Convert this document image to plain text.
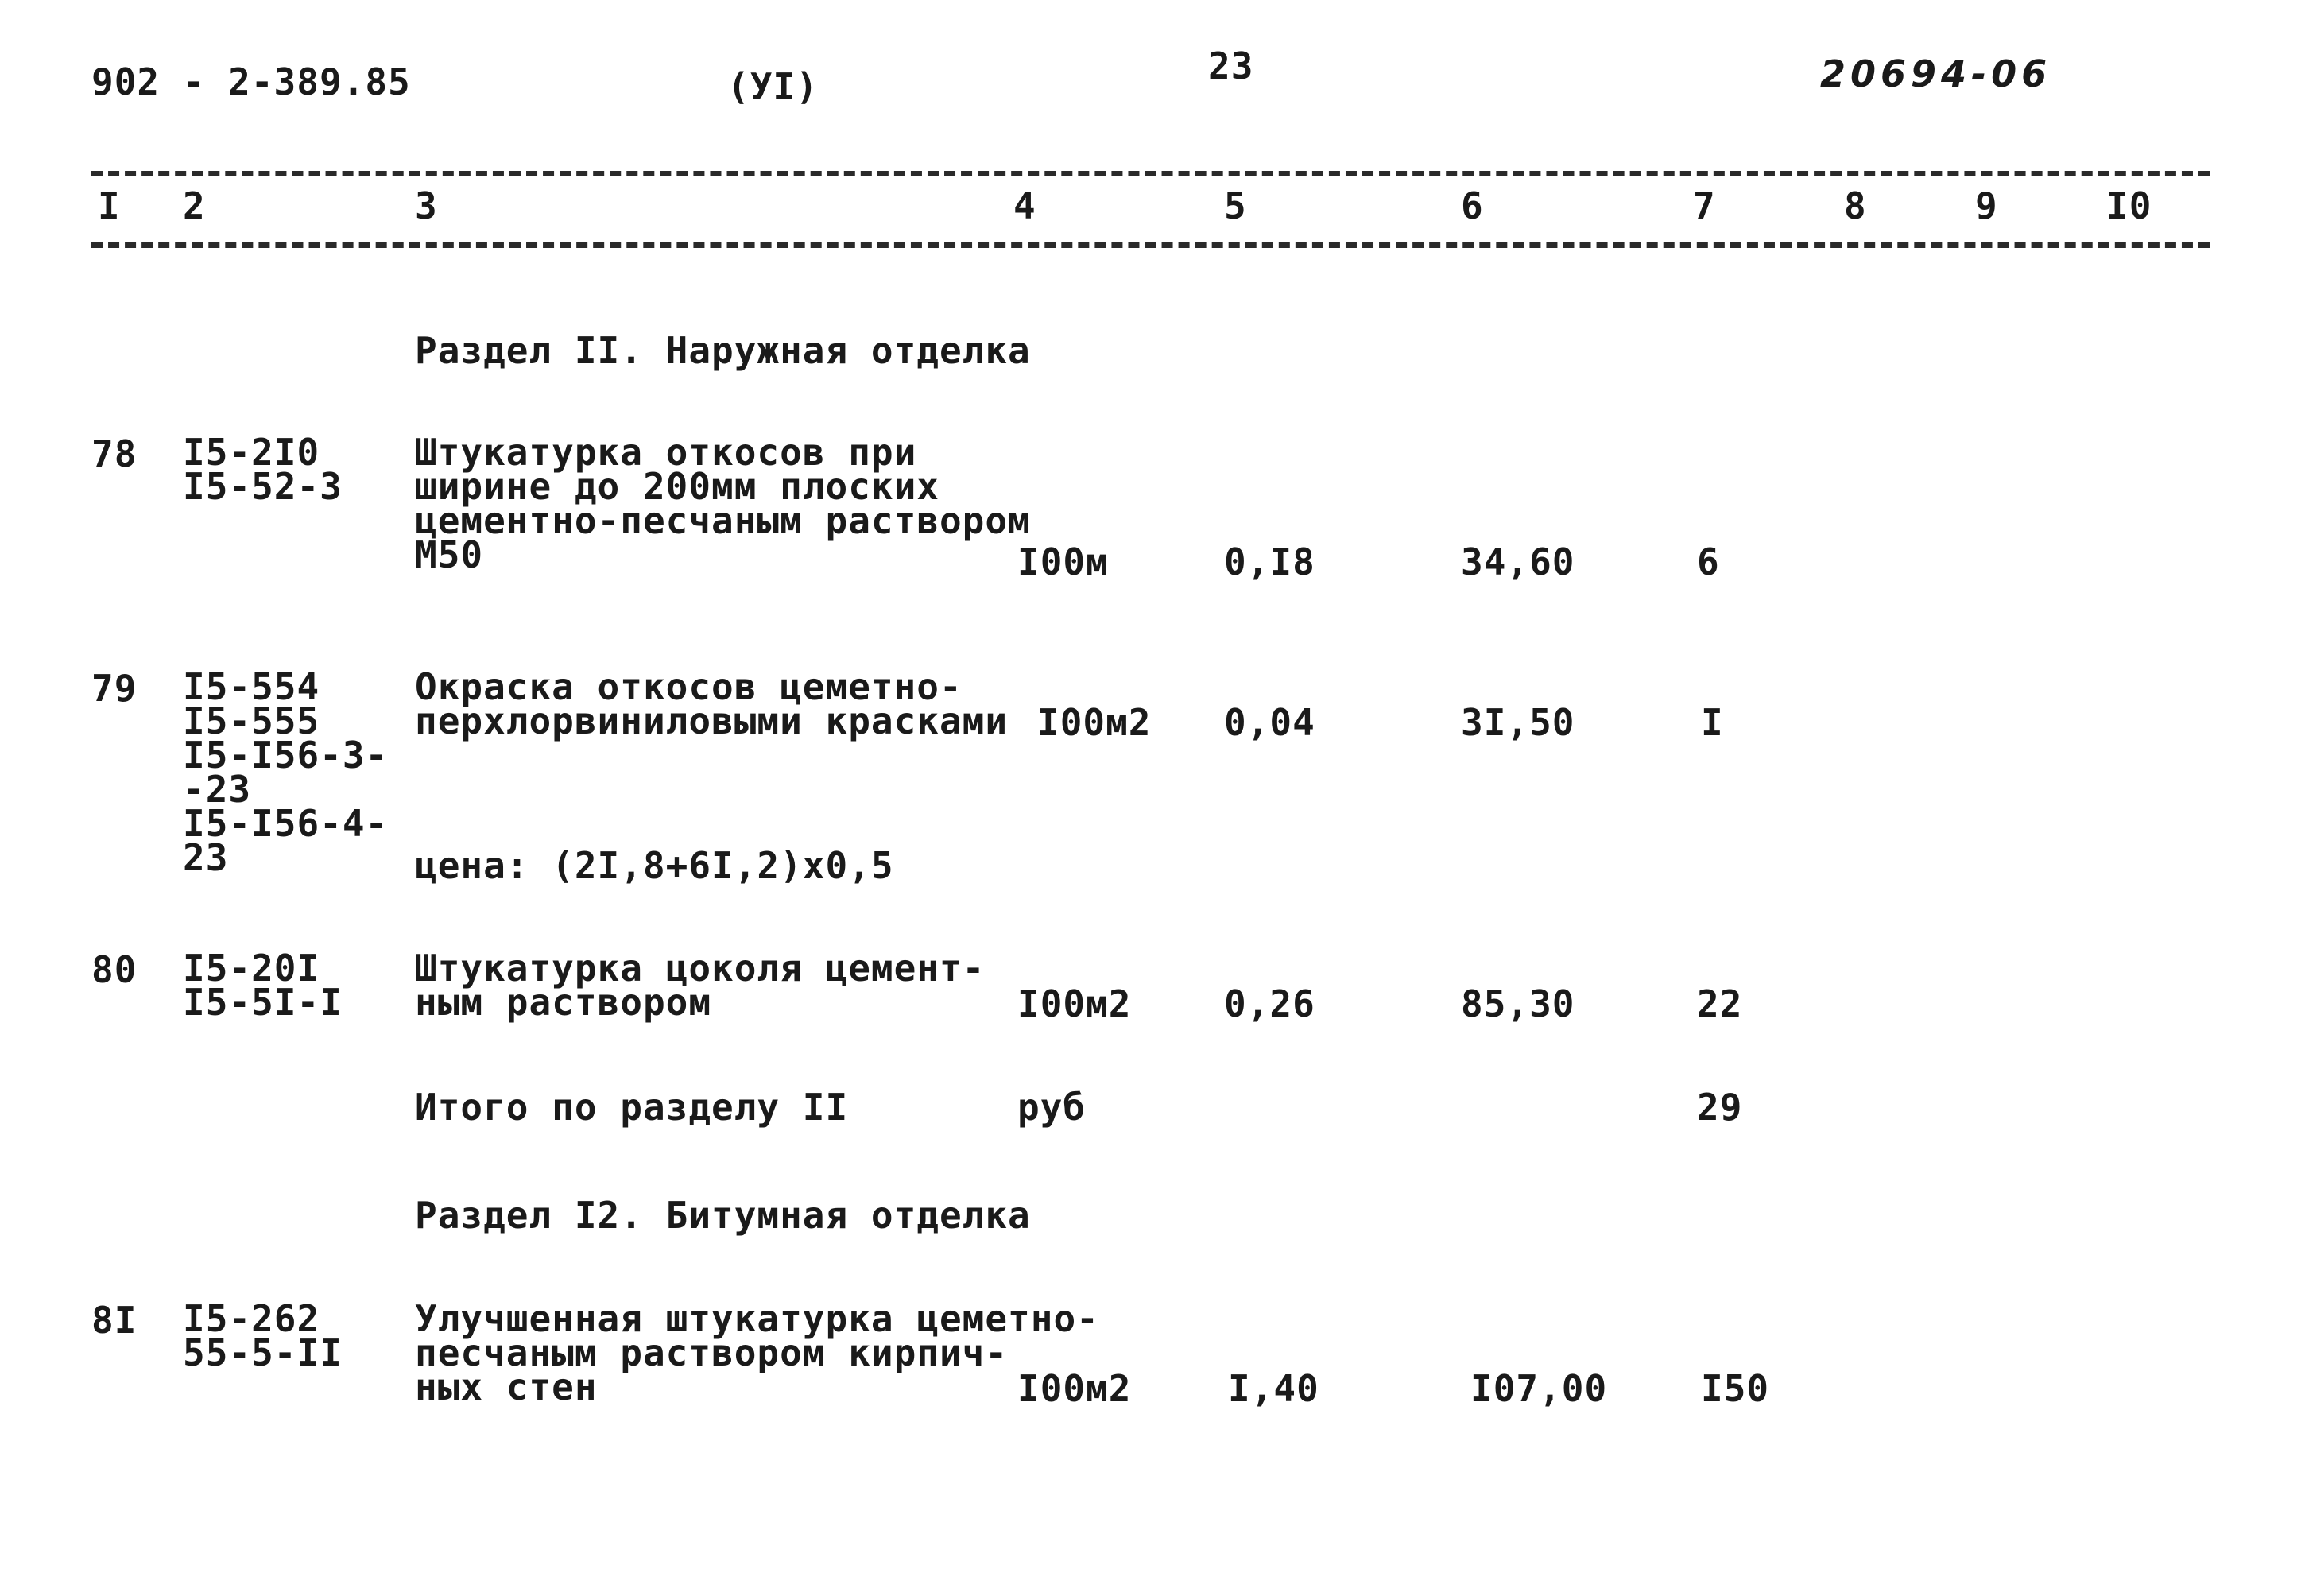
902 - 2-389.85	(УI)	23	20694-06
I 2	3	4	5	6	7	8	9	I0
Раздел II. Наружная отделка
78 I5-2I0
I5-52-3
Штукатурка откосов при
ширине до 200мм плоских
цементно-песчаным раствором
М50	I00м	0,I8	34,60	6
79 I5-554
I5-555
I5-I56-3-
-23
I5-I56-4-
23
Окраска откосов цеметно-
перхлорвиниловыми красками I00м2 0,04	3I,50	I
цена: (2I,8+6I,2)x0,5
80 I5-20I
I5-5I-I
Штукатурка цоколя цемент-
ным раствором	I00м2	0,26	85,30	22
Итого по разделу II	руб	29
Раздел I2. Битумная отделка
8I I5-262
55-5-II
Улучшенная штукатурка цеметно-
песчаным раствором кирпич-
ных стен	I00м2	I,40	I07,00	I50
